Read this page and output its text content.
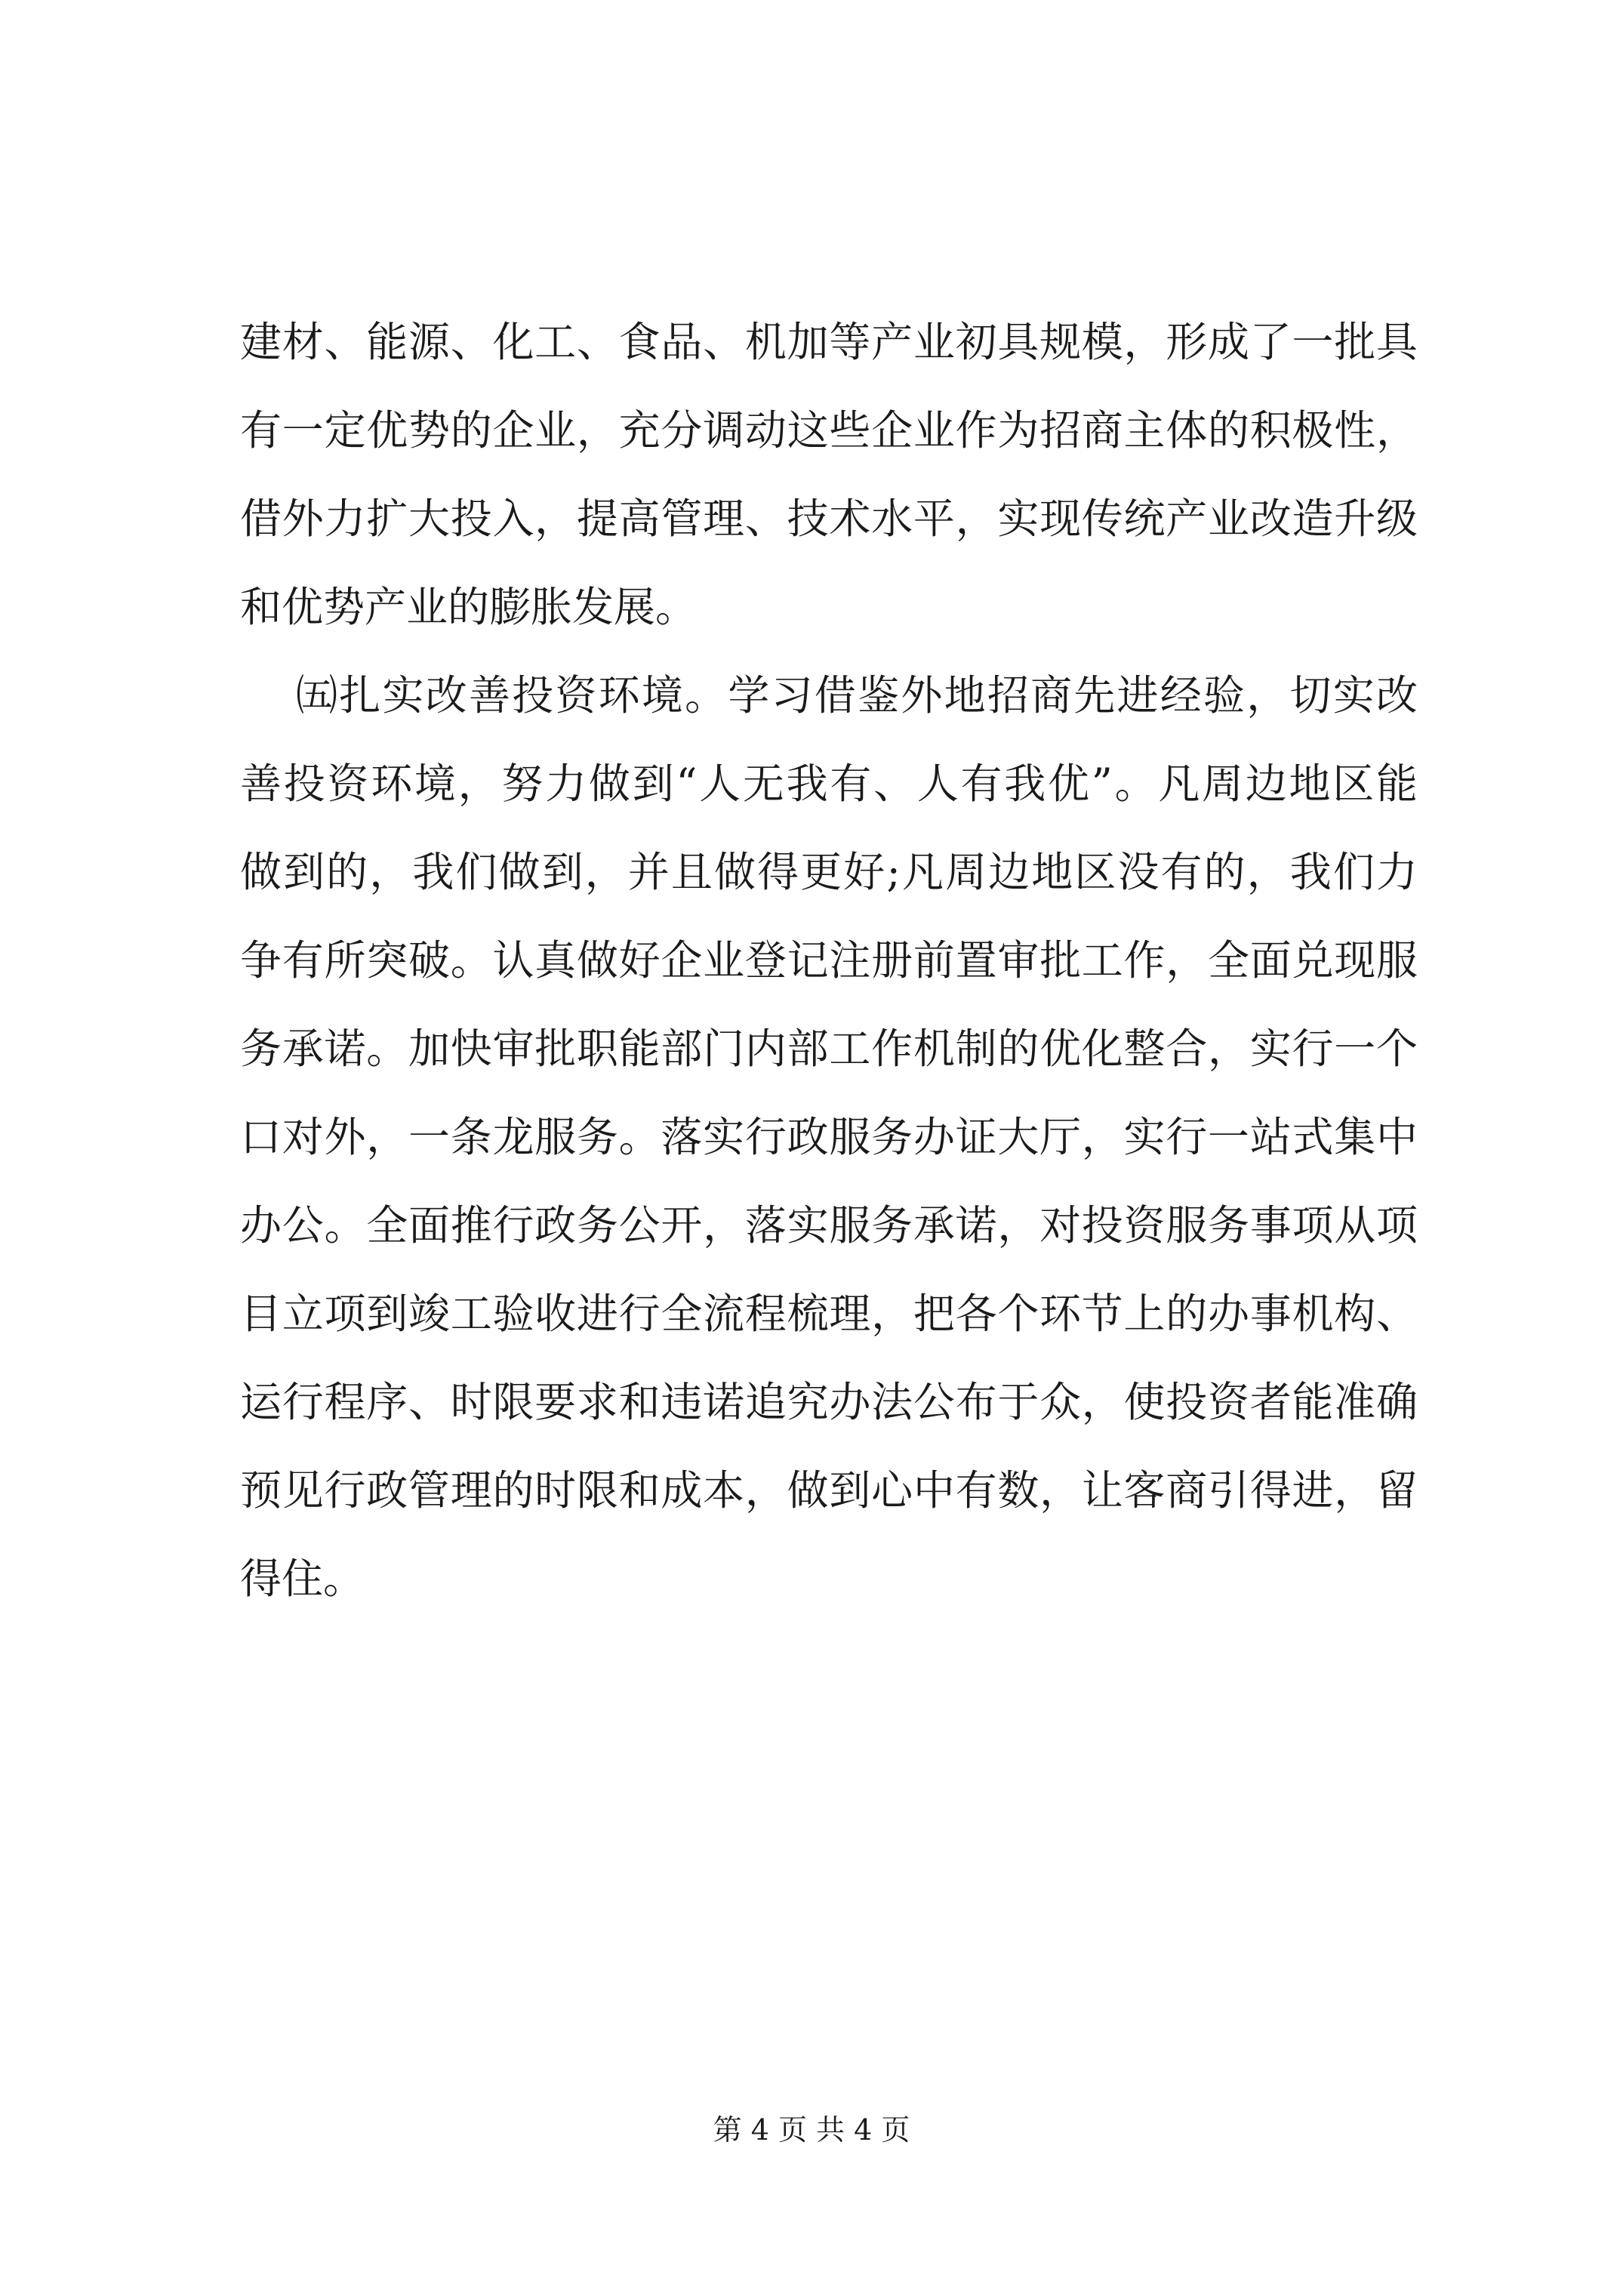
建材、能源、化工、食品、机加等产业初具规模，形成了一批具
有一定优势的企业，充分调动这些企业作为招商主体的积极性，
借外力扩大投入，提高管理、技术水平，实现传统产业改造升级
和优势产业的膨胀发展。
㈤扎实改善投资环境。学习借鉴外地招商先进经验，切实改
善投资环境，努力做到“人无我有、人有我优”。凡周边地区能
做到的，我们做到，并且做得更好;凡周边地区没有的，我们力
争有所突破。认真做好企业登记注册前置审批工作，全面兑现服
务承诺。加快审批职能部门内部工作机制的优化整合，实行一个
口对外，一条龙服务。落实行政服务办证大厅，实行一站式集中
办公。全面推行政务公开，落实服务承诺，对投资服务事项从项
目立项到竣工验收进行全流程梳理，把各个环节上的办事机构、
运行程序、时限要求和违诺追究办法公布于众，使投资者能准确
预见行政管理的时限和成本，做到心中有数，让客商引得进，留
得住。
第 4 页 共 4 页
